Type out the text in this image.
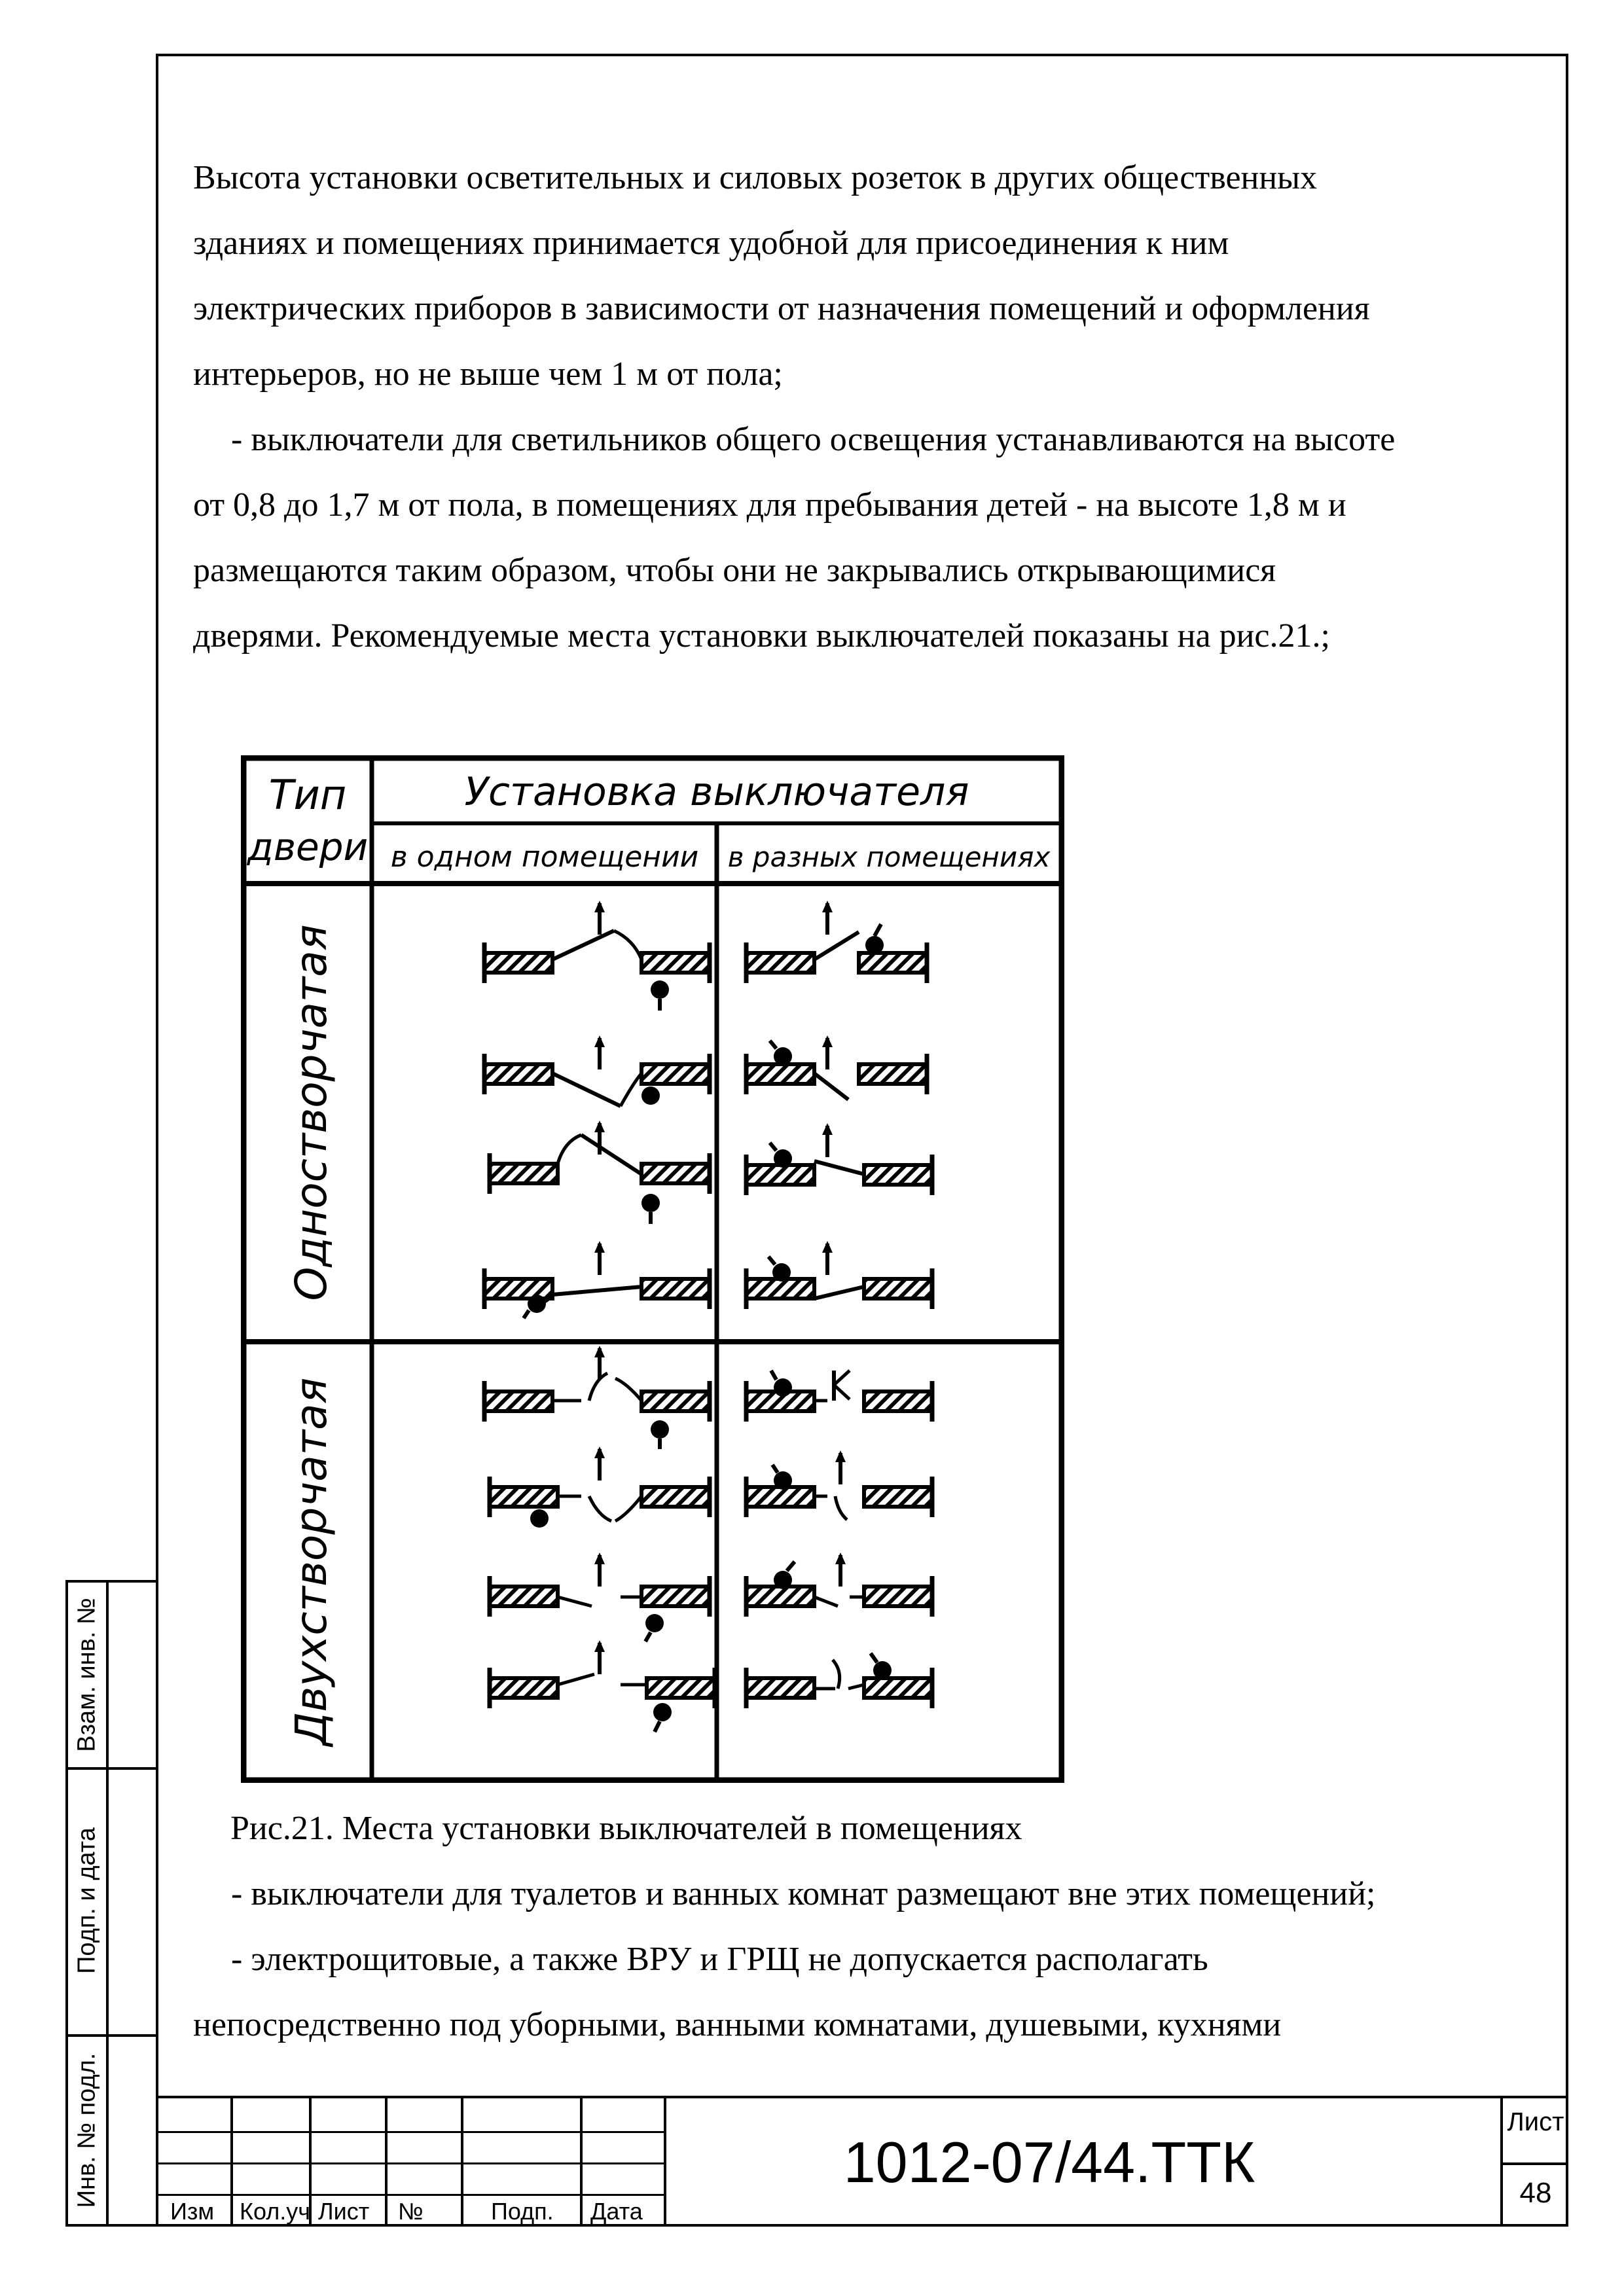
Высота установки осветительных и силовых розеток в других общественных
зданиях и помещениях принимается удобной для присоединения к ним
электрических приборов в зависимости от назначения помещений и оформления
интерьеров, но не выше чем 1 м от пола;
- выключатели для светильников общего освещения устанавливаются на высоте
от 0,8 до 1,7 м от пола, в помещениях для пребывания детей - на высоте 1,8 м и
размещаются таким образом, чтобы они не закрывались открывающимися
дверями. Рекомендуемые места установки выключателей показаны на рис.21.;
Тип
двери
Установка выключателя
в одном помещении в разных помещениях
Одностворчатая
Двухстворчатая
Рис.21. Места установки выключателей в помещениях
- выключатели для туалетов и ванных комнат размещают вне этих помещений;
- электрощитовые, а также ВРУ и ГРЩ не допускается располагать
непосредственно под уборными, ванными комнатами, душевыми, кухнями
Взам. инв. №
Подп. и дата
Инв. № подл.
Изм Кол.уч Лист №	Подп. Дата
1012-07/44.ТТК
Лист
48
